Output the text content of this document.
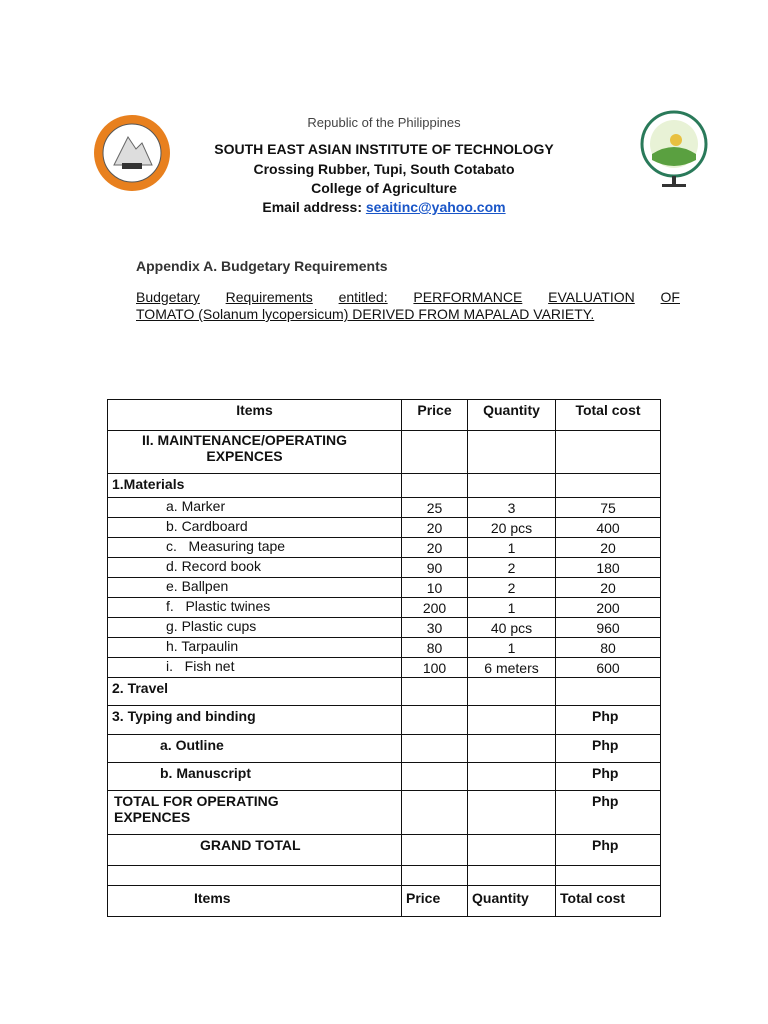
Republic of the Philippines
SOUTH EAST ASIAN INSTITUTE OF TECHNOLOGY
Crossing Rubber, Tupi, South Cotabato
College of Agriculture
Email address: seaitinc@yahoo.com
Appendix A. Budgetary Requirements
Budgetary Requirements entitled: PERFORMANCE EVALUATION OF
TOMATO (Solanum lycopersicum) DERIVED FROM MAPALAD VARIETY.
Items	Price	Quantity	Total cost
II. MAINTENANCE/OPERATING EXPENCES			
1.Materials			
a. Marker	25	3	75
b. Cardboard	20	20 pcs	400
c.   Measuring tape	20	1	20
d. Record book	90	2	180
e. Ballpen	10	2	20
f.   Plastic twines	200	1	200
g. Plastic cups	30	40 pcs	960
h. Tarpaulin	80	1	80
i.   Fish net	100	6 meters	600
2. Travel			
3. Typing and binding			Php
a. Outline			Php
b. Manuscript			Php
TOTAL FOR OPERATING EXPENCES			Php
GRAND TOTAL			Php

Items	Price	Quantity	Total cost
